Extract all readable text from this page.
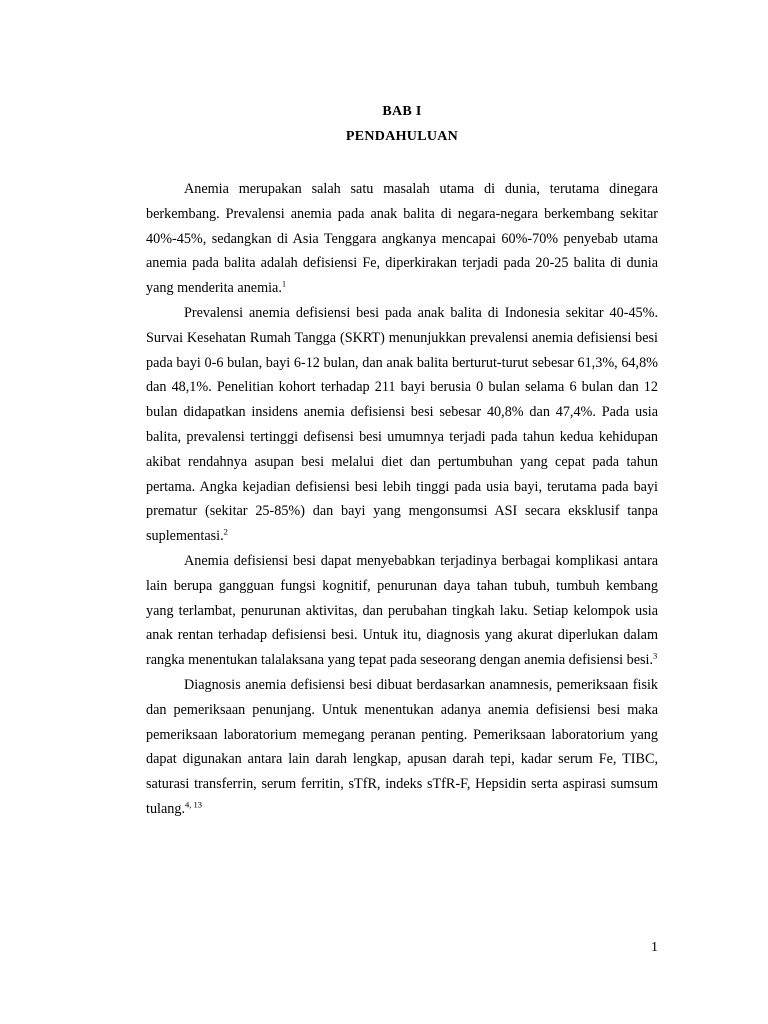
BAB I

PENDAHULUAN

Anemia merupakan salah satu masalah utama di dunia, terutama dinegara berkembang. Prevalensi anemia pada anak balita di negara-negara berkembang sekitar 40%-45%, sedangkan di Asia Tenggara angkanya mencapai 60%-70% penyebab utama anemia pada balita adalah defisiensi Fe, diperkirakan terjadi pada 20-25 balita di dunia yang menderita anemia.$^1$

Prevalensi anemia defisiensi besi pada anak balita di Indonesia sekitar 40-45%. Survai Kesehatan Rumah Tangga (SKRT) menunjukkan prevalensi anemia defisiensi besi pada bayi 0-6 bulan, bayi 6-12 bulan, dan anak balita berturut-turut sebesar 61,3%, 64,8% dan 48,1%. Penelitian kohort terhadap 211 bayi berusia 0 bulan selama 6 bulan dan 12 bulan didapatkan insidens anemia defisiensi besi sebesar 40,8% dan 47,4%. Pada usia balita, prevalensi tertinggi defisensi besi umumnya terjadi pada tahun kedua kehidupan akibat rendahnya asupan besi melalui diet dan pertumbuhan yang cepat pada tahun pertama. Angka kejadian defisiensi besi lebih tinggi pada usia bayi, terutama pada bayi prematur (sekitar 25-85%) dan bayi yang mengonsumsi ASI secara eksklusif tanpa suplementasi.$^2$

Anemia defisiensi besi dapat menyebabkan terjadinya berbagai komplikasi antara lain berupa gangguan fungsi kognitif, penurunan daya tahan tubuh, tumbuh kembang yang terlambat, penurunan aktivitas, dan perubahan tingkah laku. Setiap kelompok usia anak rentan terhadap defisiensi besi. Untuk itu, diagnosis yang akurat diperlukan dalam rangka menentukan talalaksana yang tepat pada seseorang dengan anemia defisiensi besi.$^3$

Diagnosis anemia defisiensi besi dibuat berdasarkan anamnesis, pemeriksaan fisik dan pemeriksaan penunjang. Untuk menentukan adanya anemia defisiensi besi maka pemeriksaan laboratorium memegang peranan penting. Pemeriksaan laboratorium yang dapat digunakan antara lain darah lengkap, apusan darah tepi, kadar serum Fe, TIBC, saturasi transferrin, serum ferritin, sTfR, indeks sTfR-F, Hepsidin serta aspirasi sumsum tulang.$^{4, 13}$

1
